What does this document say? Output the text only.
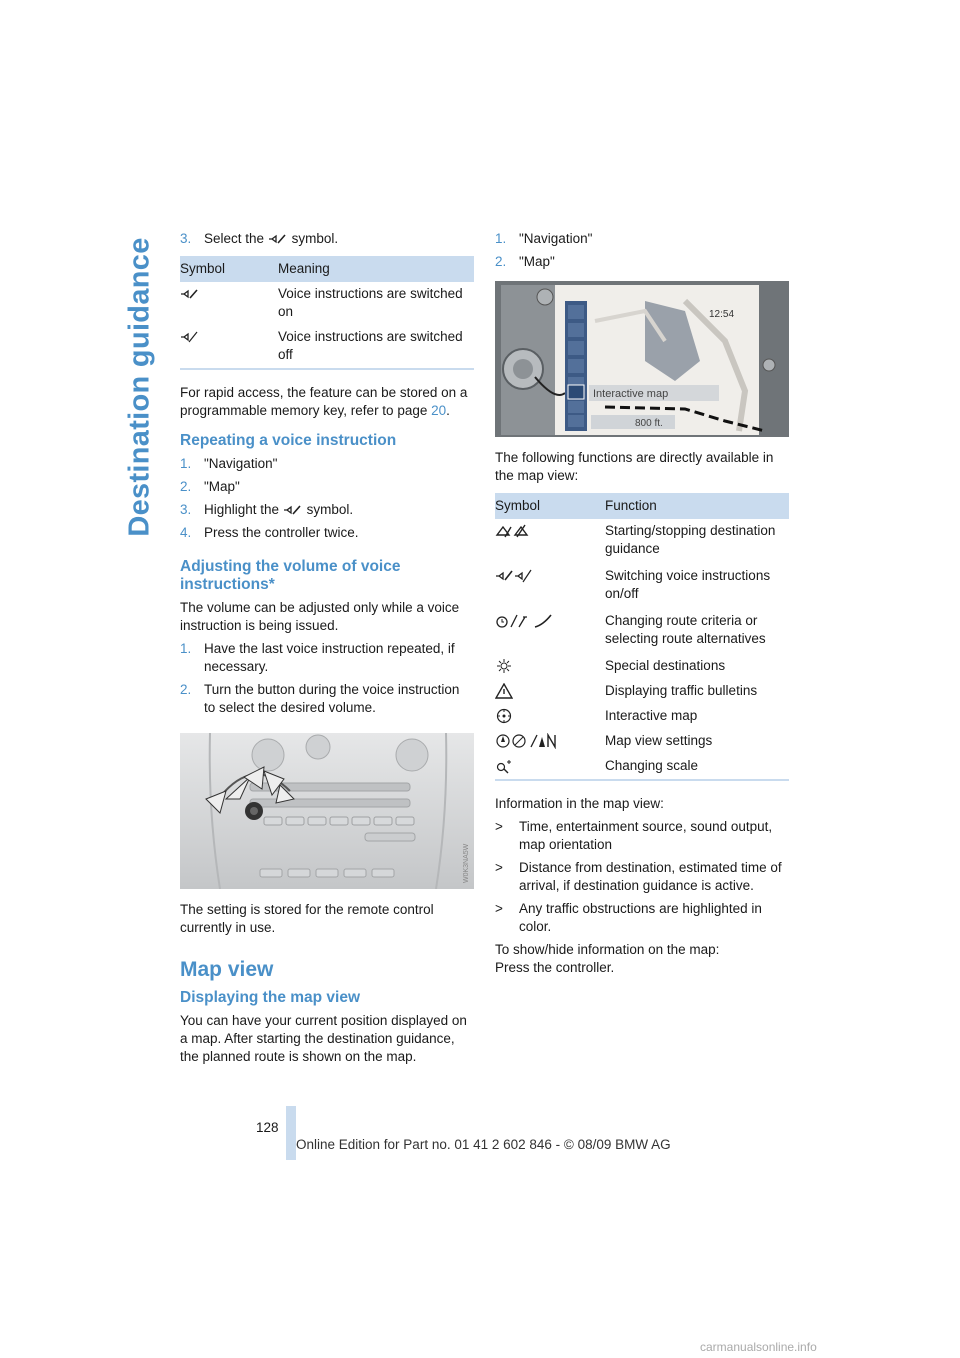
Destination guidance 3. Select the symbol.
Symbol	Meaning
	Voice instructions are switched on
	Voice instructions are switched off

For rapid access, the feature can be stored on a programmable memory key, refer to page 20.

Repeating a voice instruction
1. "Navigation"
2. "Map"
3. Highlight the symbol.
4. Press the controller twice.
Adjusting the volume of voice instructions*

The volume can be adjusted only while a voice instruction is being issued.

1. Have the last voice instruction repeated, if necessary.
2. Turn the button during the voice instruction to select the desired volume.
W0K3NA5W

The setting is stored for the remote control currently in use.

Map view
Displaying the map view

You can have your current position displayed on a map. After starting the destination guidance, the planned route is shown on the map.

1. "Navigation"
2. "Map"
Interactive map
12:54
800 ft.

The following functions are directly available in the map view:

Symbol	Function
	Starting/stopping destination guidance
	Switching voice instructions on/off
	Changing route criteria or selecting route alternatives
	Special destinations
	Displaying traffic bulletins
	Interactive map
	Map view settings
	Changing scale

Information in the map view:

> Time, entertainment source, sound output, map orientation
> Distance from destination, estimated time of arrival, if destination guidance is active.
> Any traffic obstructions are highlighted in color.

To show/hide information on the map:

Press the controller.

128
Online Edition for Part no. 01 41 2 602 846 - © 08/09 BMW AG
carmanualsonline.info
